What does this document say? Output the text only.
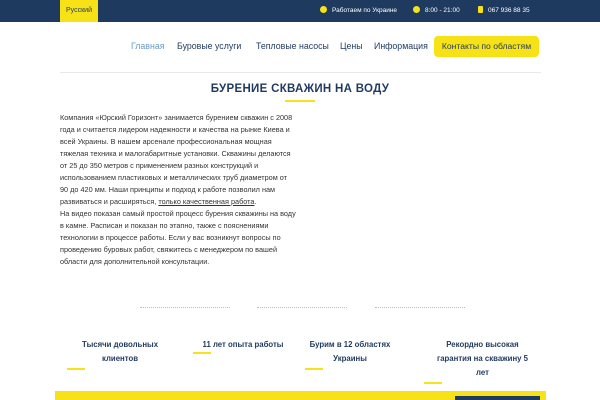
Русский	Работаем по Украине	8:00 - 21:00	067 936 88 35
Главная Буровые услуги Тепловые насосы Цены Информация	Контакты по областям
БУРЕНИЕ СКВАЖИН НА ВОДУ
Компания «Юрский Горизонт» занимается бурением скважин с 2008 года и считается лидером надежности и качества на рынке Киева и всей Украины. В нашем арсенале профессиональная мощная тяжелая техника и малогабаритные установки. Скважины делаются от 25 до 350 метров с применением разных конструкций и использованием пластиковых и металлических труб диаметром от 90 до 420 мм. Наши принципы и подход к работе позволил нам развиваться и расширяться, только качественная работа.
На видео показан самый простой процесс бурения скважины на воду в камне. Расписан и показан по этапно, также с пояснениями технологии в процессе работы. Если у вас возникнут вопросы по проведению буровых работ, свяжитесь с менеджером по вашей области для дополнительной консультации.
Тысячи довольных
клиентов
11 лет опыта работы	Бурим в 12 областях
Украины
Рекордно высокая
гарантия на скважину 5
лет
